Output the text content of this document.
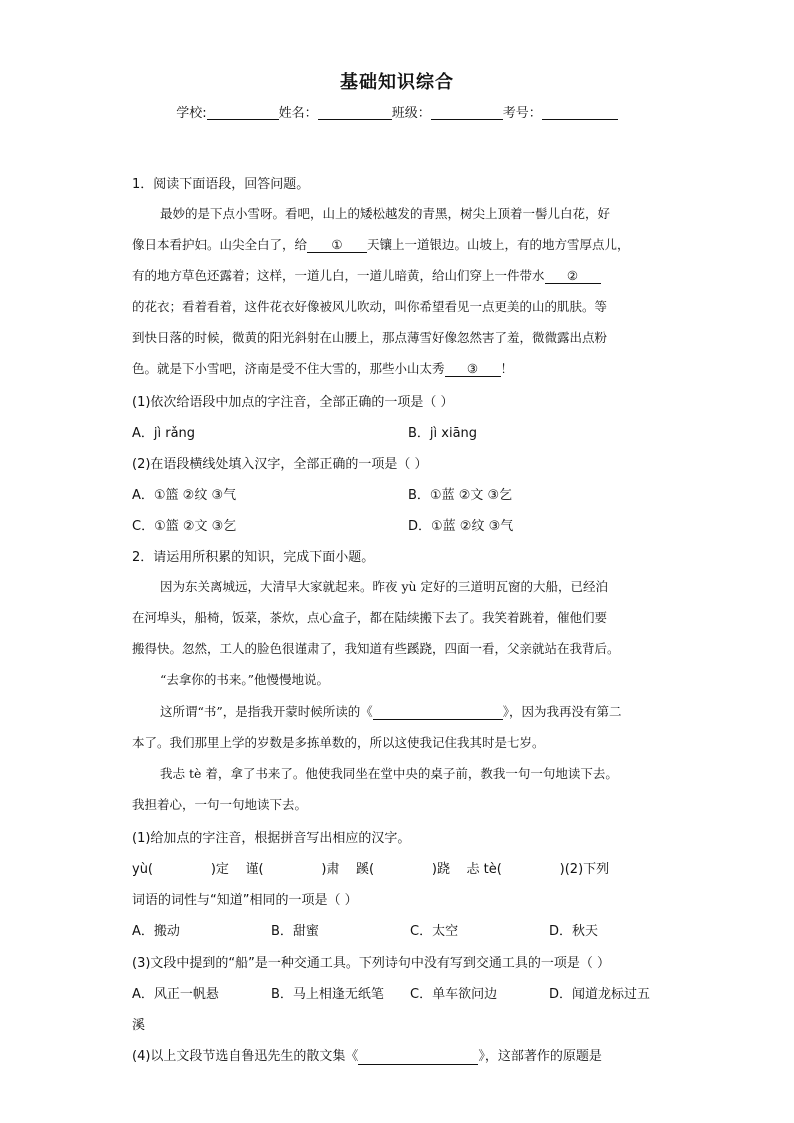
基础知识综合
学校:	姓名：	班级：	考号：
1．阅读下面语段，回答问题。
最妙的是下点小雪呀。看吧，山上的矮松越发的青黑，树尖上顶着一髻儿白花，好
像日本看护妇。山尖全白了，给 ① 天镶上一道银边。山坡上，有的地方雪厚点儿，
有的地方草色还露着；这样，一道儿白，一道儿暗黄，给山们穿上一件带水 ②
的花衣；看着看着，这件花衣好像被风儿吹动，叫你希望看见一点更美的山的肌肤。等
到快日落的时候，微黄的阳光斜射在山腰上，那点薄雪好像忽然害了羞，微微露出点粉
色。就是下小雪吧，济南是受不住大雪的，那些小山太秀 ③ ！
(1)依次给语段中加点的字注音，全部正确的一项是（ ）
A．jì rǎng	B．jì xiāng
(2)在语段横线处填入汉字，全部正确的一项是（ ）
A．①篮 ②纹 ③气	B．①蓝 ②文 ③乞
C．①篮 ②文 ③乞	D．①蓝 ②纹 ③气
2．请运用所积累的知识，完成下面小题。
因为东关离城远，大清早大家就起来。昨夜 yù 定好的三道明瓦窗的大船，已经泊
在河埠头，船椅，饭菜，茶炊，点心盒子，都在陆续搬下去了。我笑着跳着，催他们要
搬得快。忽然，工人的脸色很谨肃了，我知道有些蹊跷，四面一看，父亲就站在我背后。
“去拿你的书来。”他慢慢地说。
这所谓“书”，是指我开蒙时候所读的《	》，因为我再没有第二
本了。我们那里上学的岁数是多拣单数的，所以这使我记住我其时是七岁。
我忐 tè 着，拿了书来了。他使我同坐在堂中央的桌子前，教我一句一句地读下去。
我担着心，一句一句地读下去。
(1)给加点的字注音，根据拼音写出相应的汉字。
yù(              )定    谨(              )肃    蹊(              )跷    忐 tè(              )(2)下列
词语的词性与“知道”相同的一项是（ ）
A．搬动	B．甜蜜	C．太空	D．秋天
(3)文段中提到的“船”是一种交通工具。下列诗句中没有写到交通工具的一项是（ ）
A．风正一帆悬	B．马上相逢无纸笔 C．单车欲问边	D．闻道龙标过五
溪
(4)以上文段节选自鲁迅先生的散文集《	》，这部著作的原题是
